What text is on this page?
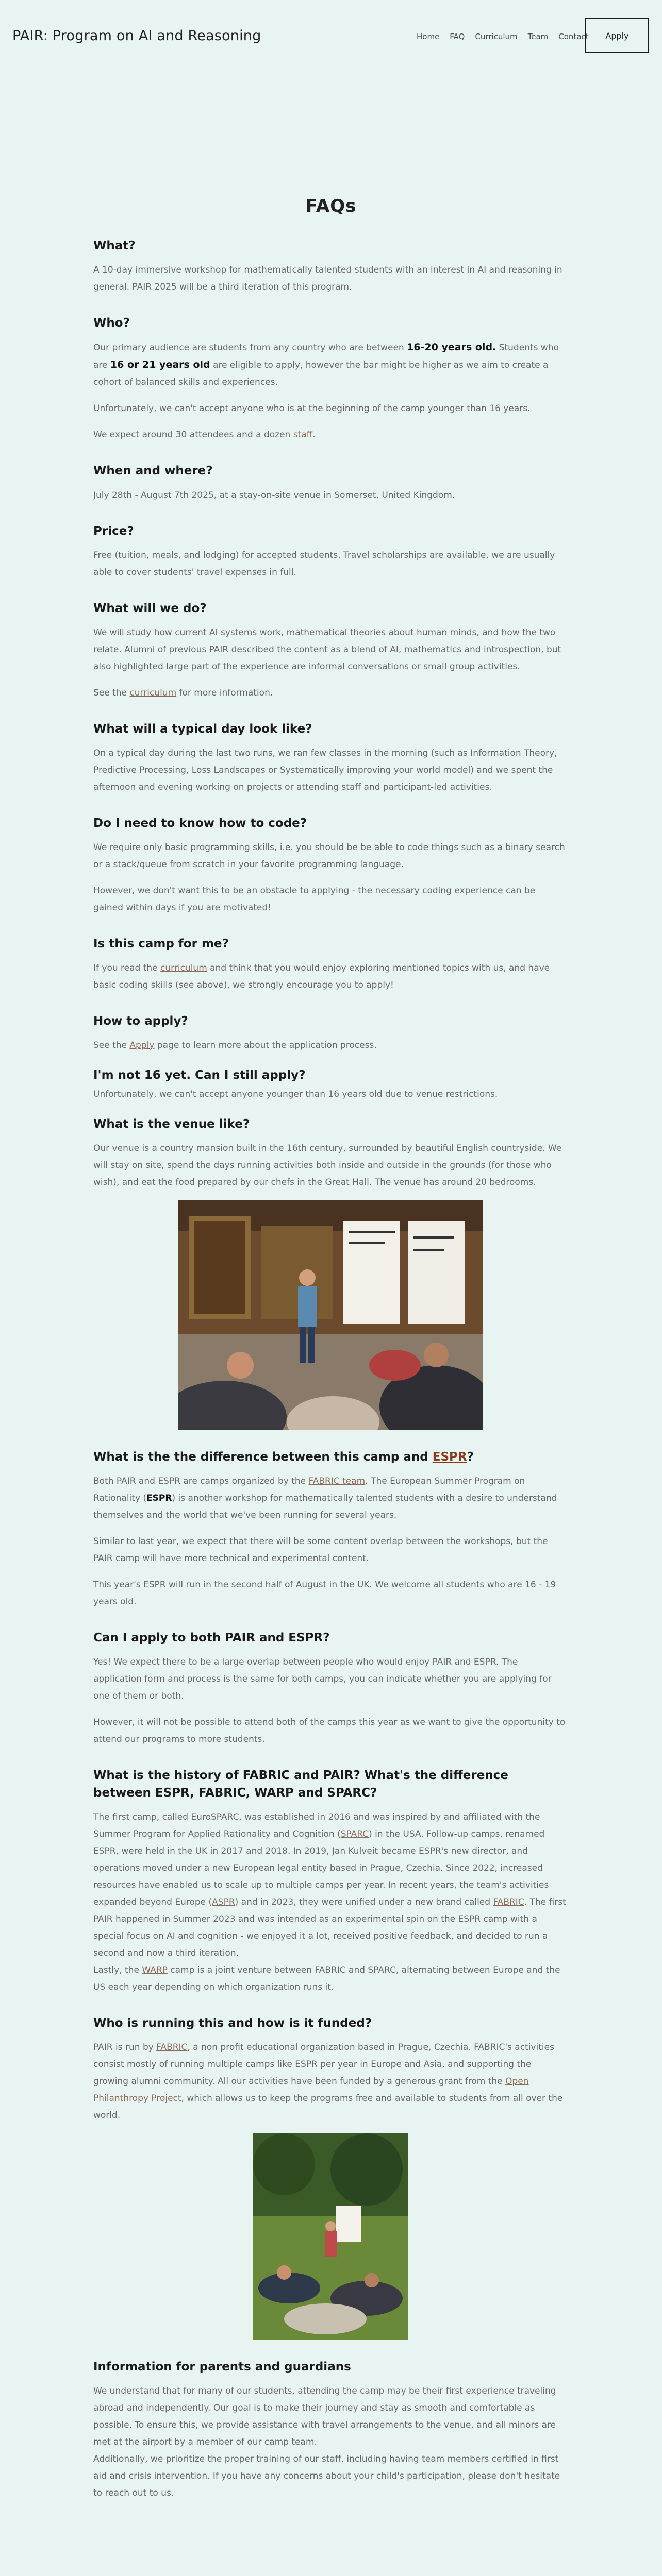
PAIR: Program on AI and Reasoning	Home FAQ Curriculum Team Contact	Apply
FAQs
What?

A 10-day immersive workshop for mathematically talented students with an interest in AI and reasoning in general. PAIR 2025 will be a third iteration of this program.

Who?

Our primary audience are students from any country who are between 16-20 years old. Students who are 16 or 21 years old are eligible to apply, however the bar might be higher as we aim to create a cohort of balanced skills and experiences.

Unfortunately, we can't accept anyone who is at the beginning of the camp younger than 16 years.

We expect around 30 attendees and a dozen staff.

When and where?

July 28th - August 7th 2025, at a stay-on-site venue in Somerset, United Kingdom.

Price?

Free (tuition, meals, and lodging) for accepted students. Travel scholarships are available, we are usually able to cover students' travel expenses in full.

What will we do?

We will study how current AI systems work, mathematical theories about human minds, and how the two relate. Alumni of previous PAIR described the content as a blend of AI, mathematics and introspection, but also highlighted large part of the experience are informal conversations or small group activities.

See the curriculum for more information.

What will a typical day look like?

On a typical day during the last two runs, we ran few classes in the morning (such as Information Theory, Predictive Processing, Loss Landscapes or Systematically improving your world model) and we spent the afternoon and evening working on projects or attending staff and participant-led activities.

Do I need to know how to code?

We require only basic programming skills, i.e. you should be be able to code things such as a binary search or a stack/queue from scratch in your favorite programming language.

However, we don't want this to be an obstacle to applying - the necessary coding experience can be gained within days if you are motivated!

Is this camp for me?

If you read the curriculum and think that you would enjoy exploring mentioned topics with us, and have basic coding skills (see above), we strongly encourage you to apply!

How to apply?

See the Apply page to learn more about the application process.

I'm not 16 yet. Can I still apply?

Unfortunately, we can't accept anyone younger than 16 years old due to venue restrictions.

What is the venue like?

Our venue is a country mansion built in the 16th century, surrounded by beautiful English countryside. We will stay on site, spend the days running activities both inside and outside in the grounds (for those who wish), and eat the food prepared by our chefs in the Great Hall. The venue has around 20 bedrooms.

What is the the difference between this camp and ESPR?

Both PAIR and ESPR are camps organized by the FABRIC team. The European Summer Program on Rationality (ESPR) is another workshop for mathematically talented students with a desire to understand themselves and the world that we've been running for several years.

Similar to last year, we expect that there will be some content overlap between the workshops, but the PAIR camp will have more technical and experimental content.

This year's ESPR will run in the second half of August in the UK. We welcome all students who are 16 - 19 years old.

Can I apply to both PAIR and ESPR?

Yes! We expect there to be a large overlap between people who would enjoy PAIR and ESPR. The application form and process is the same for both camps, you can indicate whether you are applying for one of them or both.

However, it will not be possible to attend both of the camps this year as we want to give the opportunity to attend our programs to more students.

What is the history of FABRIC and PAIR? What's the difference between ESPR, FABRIC, WARP and SPARC?

The first camp, called EuroSPARC, was established in 2016 and was inspired by and affiliated with the Summer Program for Applied Rationality and Cognition (SPARC) in the USA. Follow-up camps, renamed ESPR, were held in the UK in 2017 and 2018. In 2019, Jan Kulveit became ESPR's new director, and operations moved under a new European legal entity based in Prague, Czechia. Since 2022, increased resources have enabled us to scale up to multiple camps per year. In recent years, the team's activities expanded beyond Europe (ASPR) and in 2023, they were unified under a new brand called FABRIC. The first PAIR happened in Summer 2023 and was intended as an experimental spin on the ESPR camp with a special focus on AI and cognition - we enjoyed it a lot, received positive feedback, and decided to run a second and now a third iteration.

Lastly, the WARP camp is a joint venture between FABRIC and SPARC, alternating between Europe and the US each year depending on which organization runs it.

Who is running this and how is it funded?

PAIR is run by FABRIC, a non profit educational organization based in Prague, Czechia. FABRIC's activities consist mostly of running multiple camps like ESPR per year in Europe and Asia, and supporting the growing alumni community. All our activities have been funded by a generous grant from the Open Philanthropy Project, which allows us to keep the programs free and available to students from all over the world.

Information for parents and guardians

We understand that for many of our students, attending the camp may be their first experience traveling abroad and independently. Our goal is to make their journey and stay as smooth and comfortable as possible. To ensure this, we provide assistance with travel arrangements to the venue, and all minors are met at the airport by a member of our camp team.

Additionally, we prioritize the proper training of our staff, including having team members certified in first aid and crisis intervention. If you have any concerns about your child's participation, please don't hesitate to reach out to us.
